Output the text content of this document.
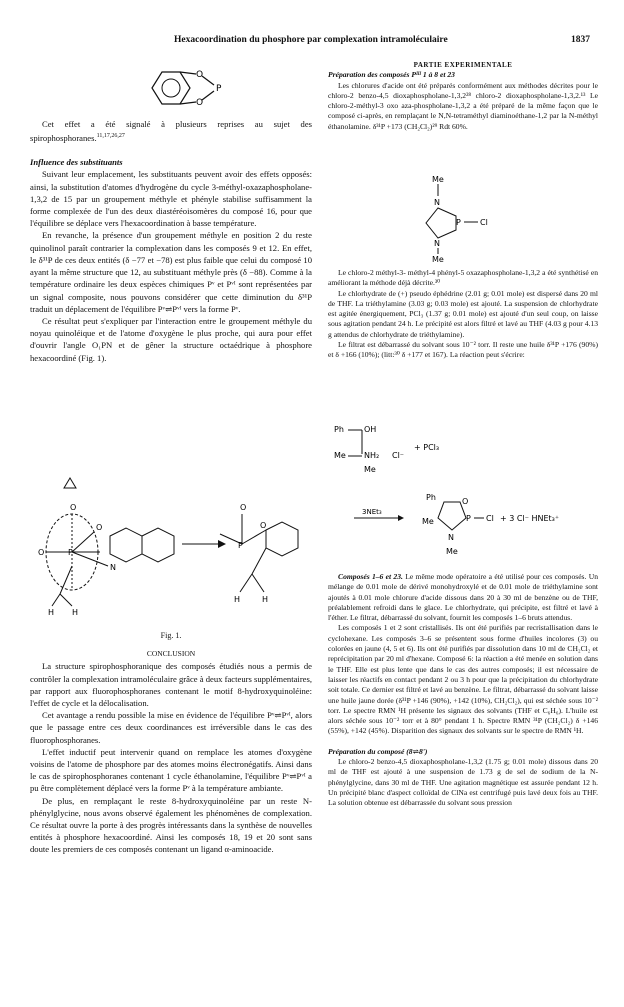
Hexacoordination du phosphore par complexation intramoléculaire	1837
O
O
P

Cet effet a été signalé à plusieurs reprises au sujet des spirophosphoranes.$^{11,17,26,27}$

Influence des substituants

Suivant leur emplacement, les substituants peuvent avoir des effets opposés: ainsi, la substitution d'atomes d'hydrogène du cycle 3-méthyl-oxazaphospholane-1,3,2 de 15 par un groupement méthyle et phényle stabilise suffisamment la forme complexée de l'un des deux diastéréoisomères du composé 16, pour que l'équilibre se déplace vers l'hexacoordination à basse température.

En revanche, la présence d'un groupement méthyle en position 2 du reste quinolinol paraît contrarier la complexation dans les composés 9 et 12. En effet, le δ³¹P de ces deux entités (δ −77 et −78) est plus faible que celui du composé 10 ayant la même structure que 12, au substituant méthyle près (δ −88). Comme à la température ordinaire les deux espèces chimiques Pᵛ et Pᵛᴵ sont représentées par un signal composite, nous pouvons considérer que cette diminution du δ³¹P traduit un déplacement de l'équilibre Pᵛ⇌Pᵛᴵ vers la forme Pᵛ.

Ce résultat peut s'expliquer par l'interaction entre le groupement méthyle du noyau quinoléique et de l'atome d'oxygène le plus proche, qui aura pour effet d'ouvrir l'angle O₁PN et de gêner la structure octaédrique à phosphore hexacoordiné (Fig. 1).

O
O
P
O
N
H H
O
P
O
H	H

Fig. 1.

CONCLUSION

La structure spirophosphoranique des composés étudiés nous a permis de contrôler la complexation intramoléculaire grâce à deux facteurs supplémentaires, par rapport aux fluorophosphoranes contenant le motif 8-hydroxyquinoléine: l'effet de cycle et la délocalisation.

Cet avantage a rendu possible la mise en évidence de l'équilibre Pᵛ⇌Pᵛᴵ, alors que le passage entre ces deux coordinances est irréversible dans le cas des fluorophosphoranes.

L'effet inductif peut intervenir quand on remplace les atomes d'oxygène voisins de l'atome de phosphore par des atomes moins électronégatifs. Ainsi dans le cas de spirophosphoranes contenant 1 cycle éthanolamine, l'équilibre Pᵛ⇌Pᵛᴵ a pu être complètement déplacé vers la forme Pᵛ à la température ambiante.

De plus, en remplaçant le reste 8-hydroxyquinoléine par un reste N-phénylglycine, nous avons observé également les phénomènes de complexation. Ce résultat ouvre la porte à des progrès intéressants dans la synthèse de nouvelles entités à phosphore hexacoordiné. Ainsi les composés 18, 19 et 20 sont sans doute les premiers de ces composés contenant un ligand α-aminoacide.

PARTIE EXPERIMENTALE

Préparation des composés Pᴵᴵᴵ 1 à 8 et 23

Les chlorures d'acide ont été préparés conformément aux méthodes décrites pour le chloro-2 benzo-4,5 dioxaphospholane-1,3,2²⁸ chloro-2 dioxaphospholane-1,3,2.¹³ Le chloro-2-méthyl-3 oxo aza-phospholane-1,3,2 a été préparé de la même façon que le composé ci-après, en remplaçant le N,N-tetraméthyl diaminoéthane-1,2 par la N-méthyl éthanolamine. δ³¹P +173 (CH₂Cl₂)²⁹ Rdt 60%.

Me
N
P Cl
N
Me

Le chloro-2 méthyl-3- méthyl-4 phényl-5 oxazaphospholane-1,3,2 a été synthétisé en améliorant la méthode déjà décrite.³⁰

Le chlorhydrate de (+) pseudo éphédrine (2.01 g; 0.01 mole) est dispersé dans 20 ml de THF. La triéthylamine (3.03 g; 0.03 mole) est ajouté. La suspension de chlorhydrate est agitée énergiquement, PCl₃ (1.37 g; 0.01 mole) est ajouté d'un seul coup, on laisse sous agitation pendant 24 h. Le précipité est alors filtré et lavé au THF (4.03 g pour 4.13 g attendus de chlorhydrate de triéthylamine).

Le filtrat est débarrassé du solvant sous 10⁻² torr. Il reste une huile δ³¹P +176 (90%) et δ +166 (10%); (litt:³⁰ δ +177 et 167). La réaction peut s'écrire:

Ph	OH
Me NH₂ Cl⁻
+ PCl₃
Me
3NEt₃
Ph	O
P Cl
Me
N
Me
+ 3 Cl⁻ HNEt₃⁺

Composés 1–6 et 23. Le même mode opératoire a été utilisé pour ces composés. Un mélange de 0.01 mole de dérivé monohydroxylé et de 0.01 mole de triéthylamine sont ajoutés à 0.01 mole chlorure d'acide dissous dans 20 à 30 ml de benzène ou de THF, préalablement refroidi dans le glace. Le chlorhydrate, qui précipite, est filtré et lavé à l'éther. Le filtrat, débarrassé du solvant, fournit les composés 1–6 bruts attendus.

Les composés 1 et 2 sont cristallisés. Ils ont été purifiés par recristallisation dans le cyclohexane. Les composés 3–6 se présentent sous forme d'huiles incolores (3) ou colorées en jaune (4, 5 et 6). Ils ont été purifiés par dissolution dans 10 ml de CH₂Cl₂ et reprécipitation par 20 ml d'hexane. Composé 6: la réaction a été menée en solution dans le THF. Elle est plus lente que dans le cas des autres composés; il est nécessaire de laisser les réactifs en contact pendant 2 ou 3 h pour que la précipitation du chlorhydrate soit totale. Ce dernier est filtré et lavé au benzène. Le filtrat, débarrassé du solvant laisse une huile jaune dorée (δ³¹P +146 (90%), +142 (10%), CH₂Cl₂), qui est séchée sous 10⁻² torr. Le spectre RMN ¹H présente les signaux des solvants (THF et C₆H₆). L'huile est alors séchée sous 10⁻² torr et à 80° pendant 1 h. Spectre RMN ³¹P (CH₂Cl₂) δ +146 (55%), +142 (45%). Disparition des signaux des solvants sur le spectre de RMN ¹H.

Préparation du composé (8⇌8')

Le chloro-2 benzo-4,5 dioxaphospholane-1,3,2 (1.75 g; 0.01 mole) dissous dans 20 ml de THF est ajouté à une suspension de 1.73 g de sel de sodium de la N-phénylglycine, dans 30 ml de THF. Une agitation magnétique est assurée pendant 12 h. Un précipité blanc d'aspect colloïdal de ClNa est centrifugé puis lavé deux fois au THF. La solution obtenue est débarrassée du solvant sous pression
